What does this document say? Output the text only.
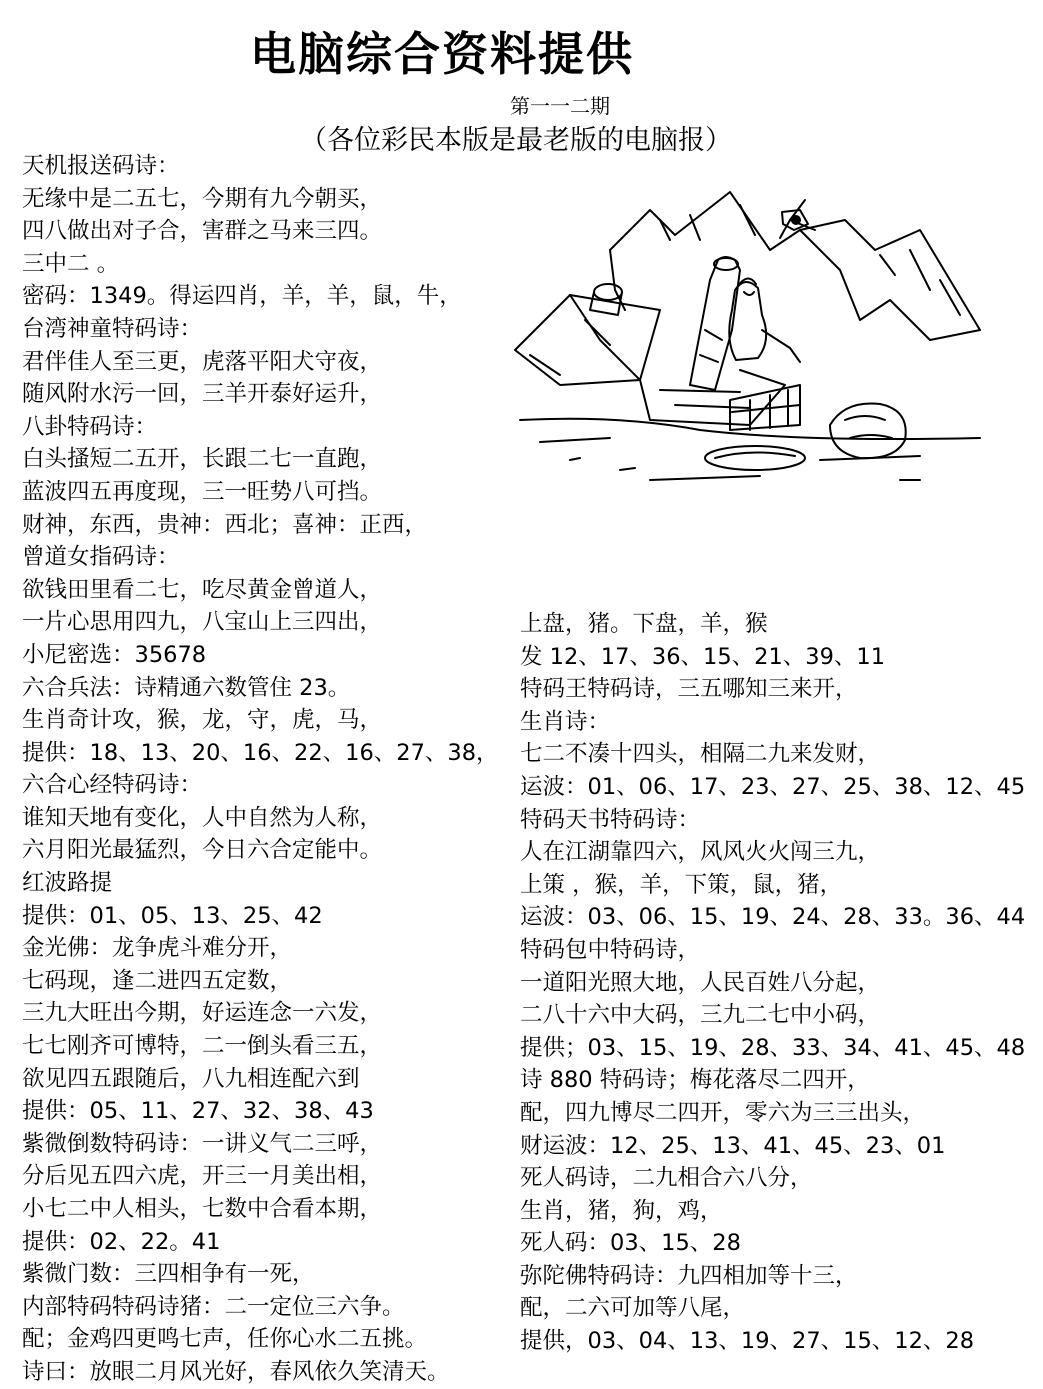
电脑综合资料提供
第一一二期
（各位彩民本版是最老版的电脑报）
天机报送码诗：
无缘中是二五七，今期有九今朝买，
四八做出对子合，害群之马来三四。
三中二 。
密码：1349。得运四肖，羊，羊，鼠，牛，
台湾神童特码诗：
君伴佳人至三更，虎落平阳犬守夜，
随风附水污一回，三羊开泰好运升，
八卦特码诗：
白头搔短二五开，长跟二七一直跑，
蓝波四五再度现，三一旺势八可挡。
财神，东西，贵神：西北；喜神：正西，
曾道女指码诗：
欲钱田里看二七，吃尽黄金曾道人，
一片心思用四九，八宝山上三四出，
小尼密选：35678
六合兵法：诗精通六数管住 23。
生肖奇计攻，猴，龙，守，虎，马，
提供：18、13、20、16、22、16、27、38，
六合心经特码诗：
谁知天地有变化，人中自然为人称，
六月阳光最猛烈，今日六合定能中。
红波路提
提供：01、05、13、25、42
金光佛：龙争虎斗难分开，
七码现，逢二进四五定数，
三九大旺出今期，好运连念一六发，
七七刚齐可博特，二一倒头看三五，
欲见四五跟随后，八九相连配六到
提供：05、11、27、32、38、43
紫微倒数特码诗：一讲义气二三呼，
分后见五四六虎，开三一月美出相，
小七二中人相头，七数中合看本期，
提供：02、22。41
紫微门数：三四相争有一死，
内部特码特码诗猪：二一定位三六争。
配；金鸡四更鸣七声，任你心水二五挑。
诗曰：放眼二月风光好，春风依久笑清天。
上盘，猪。下盘，羊，猴
发 12、17、36、15、21、39、11
特码王特码诗，三五哪知三来开，
生肖诗：
七二不凑十四头，相隔二九来发财，
运波：01、06、17、23、27、25、38、12、45
特码天书特码诗：
人在江湖靠四六，风风火火闯三九，
上策 ，猴，羊，下策，鼠，猪，
运波：03、06、15、19、24、28、33。36、44
特码包中特码诗，
一道阳光照大地，人民百姓八分起，
二八十六中大码，三九二七中小码，
提供；03、15、19、28、33、34、41、45、48
诗 880 特码诗；梅花落尽二四开，
配，四九博尽二四开，零六为三三出头，
财运波：12、25、13、41、45、23、01
死人码诗，二九相合六八分，
生肖，猪，狗，鸡，
死人码：03、15、28
弥陀佛特码诗：九四相加等十三，
配，二六可加等八尾，
提供，03、04、13、19、27、15、12、28
